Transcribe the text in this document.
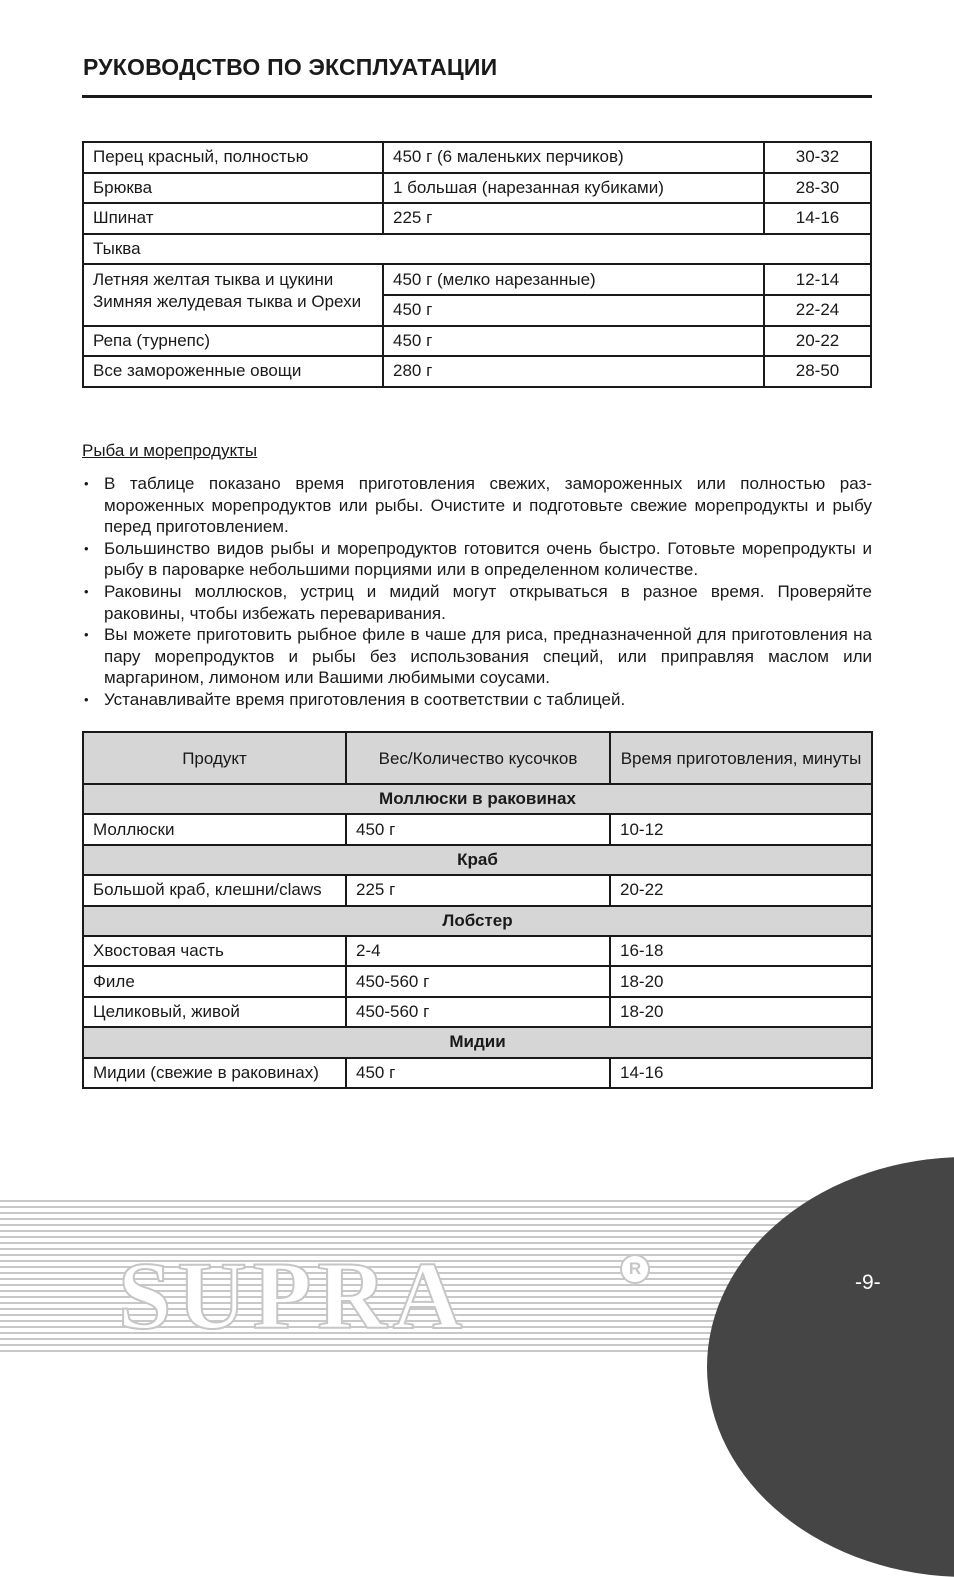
РУКОВОДСТВО ПО ЭКСПЛУАТАЦИИ
Перец красный, полностью	450 г (6 маленьких перчиков)	30-32
Брюква	1 большая (нарезанная кубиками)	28-30
Шпинат	225 г	14-16
Тыква		

Летняя желтая тыква и цукини
Зимняя желудевая тыква и Орехи	450 г (мелко нарезанные)	12-14
	450 г	22-24
Репа (турнепс)	450 г	20-22
Все замороженные овощи	280 г	28-50
Рыба и морепродукты
• В таблице показано время приготовления свежих, замороженных или полностью размороженных морепродуктов или рыбы. Очистите и подготовьте свежие морепродукты и рыбу перед приготовлением.
• Большинство видов рыбы и морепродуктов готовится очень быстро. Готовьте морепродукты и рыбу в пароварке небольшими порциями или в определенном количестве.
• Раковины моллюсков, устриц и мидий могут открываться в разное время. Проверяйте раковины, чтобы избежать переваривания.
• Вы можете приготовить рыбное филе в чаше для риса, предназначенной для приготовления на пару морепродуктов и рыбы без использования специй, или приправляя маслом или маргарином, лимоном или Вашими любимыми соусами.
• Устанавливайте время приготовления в соответствии с таблицей.
Продукт	Вес/Количество кусочков	Время приготовления, минуты
Моллюски в раковинах		
Моллюски	450 г	10-12
Краб		
Большой краб, клешни/claws	225 г	20-22
Лобстер		
Хвостовая часть	2-4	16-18
Филе	450-560 г	18-20
Целиковый, живой	450-560 г	18-20
Мидии		
Мидии (свежие в раковинах)	450 г	14-16
SUPRA	R
-9-
